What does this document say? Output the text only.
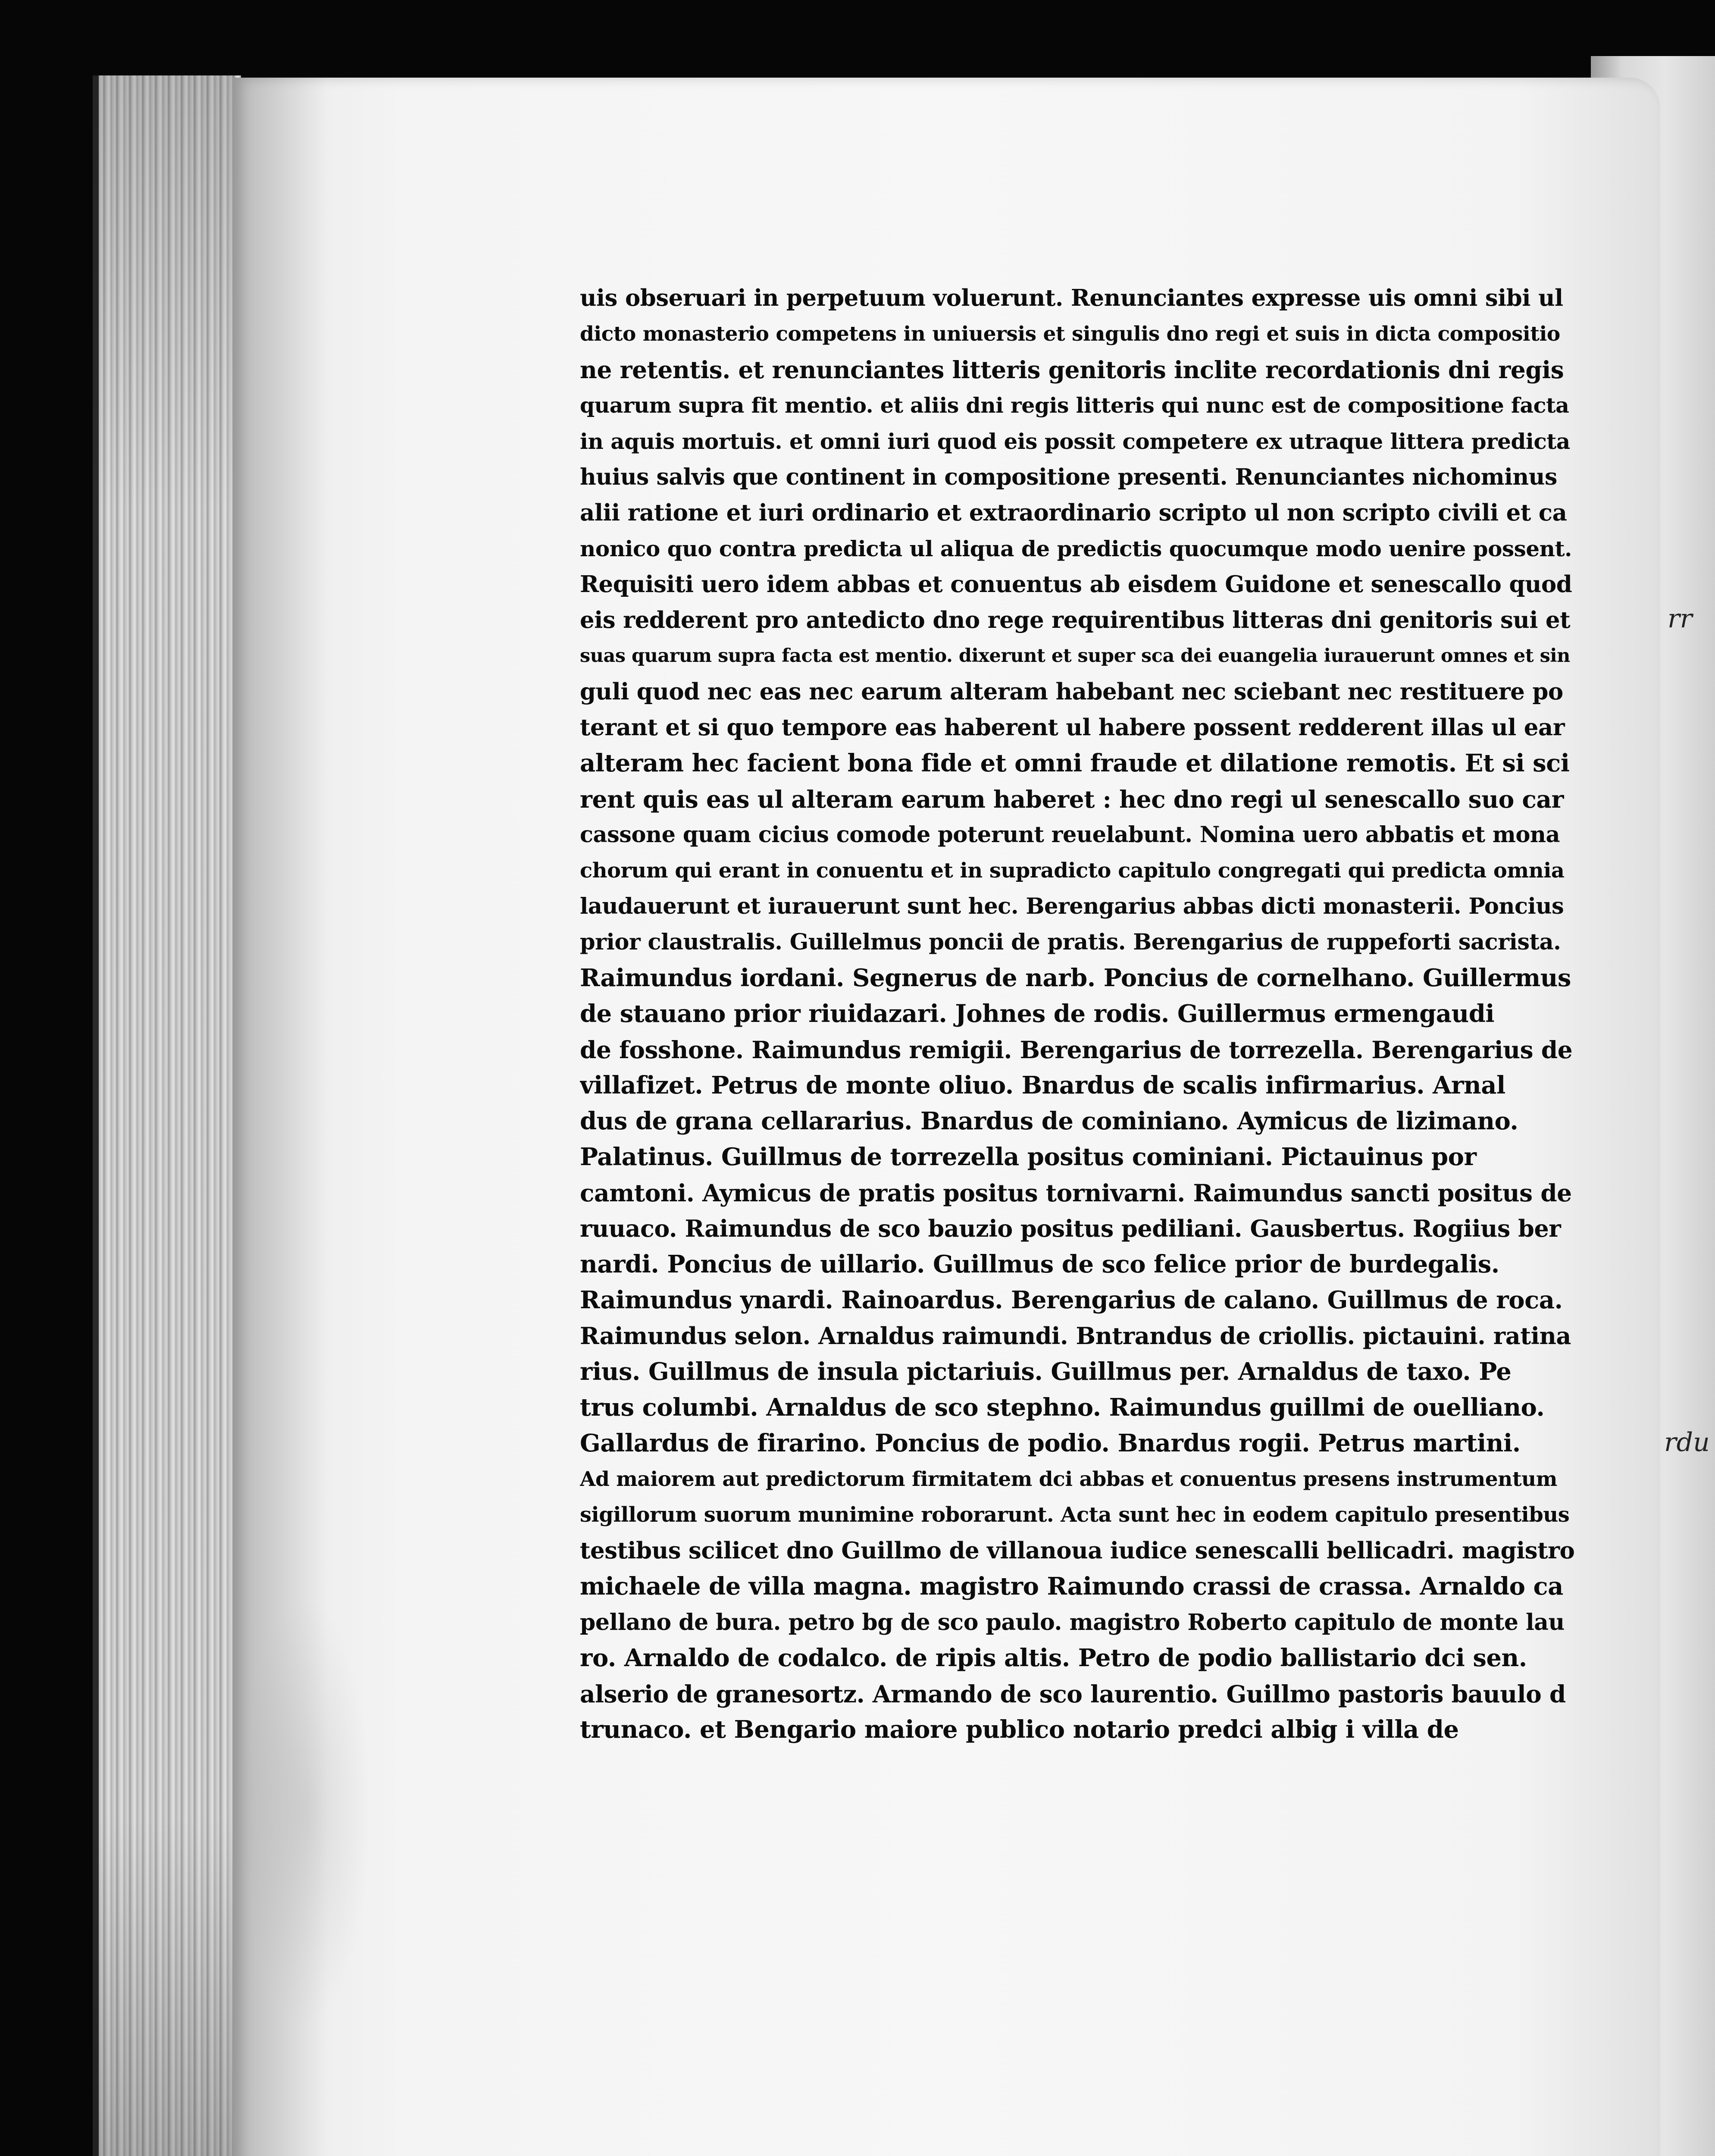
rr
rdu
uis obseruari in perpetuum voluerunt. Renunciantes expresse uis omni sibi ul
dicto monasterio competens in uniuersis et singulis dno regi et suis in dicta compositio
ne retentis. et renunciantes litteris genitoris inclite recordationis dni regis
quarum supra fit mentio. et aliis dni regis litteris qui nunc est de compositione facta
in aquis mortuis. et omni iuri quod eis possit competere ex utraque littera predicta
huius salvis que continent in compositione presenti. Renunciantes nichominus
alii ratione et iuri ordinario et extraordinario scripto ul non scripto civili et ca
nonico quo contra predicta ul aliqua de predictis quocumque modo uenire possent.
Requisiti uero idem abbas et conuentus ab eisdem Guidone et senescallo quod
eis redderent pro antedicto dno rege requirentibus litteras dni genitoris sui et
suas quarum supra facta est mentio. dixerunt et super sca dei euangelia iurauerunt omnes et sin
guli quod nec eas nec earum alteram habebant nec sciebant nec restituere po
terant et si quo tempore eas haberent ul habere possent redderent illas ul ear
alteram hec facient bona fide et omni fraude et dilatione remotis. Et si sci
rent quis eas ul alteram earum haberet : hec dno regi ul senescallo suo car
cassone quam cicius comode poterunt reuelabunt. Nomina uero abbatis et mona
chorum qui erant in conuentu et in supradicto capitulo congregati qui predicta omnia
laudauerunt et iurauerunt sunt hec. Berengarius abbas dicti monasterii. Poncius
prior claustralis. Guillelmus poncii de pratis. Berengarius de ruppeforti sacrista.
Raimundus iordani. Segnerus de narb. Poncius de cornelhano. Guillermus
de stauano prior riuidazari. Johnes de rodis. Guillermus ermengaudi
de fosshone. Raimundus remigii. Berengarius de torrezella. Berengarius de
villafizet. Petrus de monte oliuo. Bnardus de scalis infirmarius. Arnal
dus de grana cellararius. Bnardus de cominiano. Aymicus de lizimano.
Palatinus. Guillmus de torrezella positus cominiani. Pictauinus por
camtoni. Aymicus de pratis positus tornivarni. Raimundus sancti positus de
ruuaco. Raimundus de sco bauzio positus pediliani. Gausbertus. Rogiius ber
nardi. Poncius de uillario. Guillmus de sco felice prior de burdegalis.
Raimundus ynardi. Rainoardus. Berengarius de calano. Guillmus de roca.
Raimundus selon. Arnaldus raimundi. Bntrandus de criollis. pictauini. ratina
rius. Guillmus de insula pictariuis. Guillmus per. Arnaldus de taxo. Pe
trus columbi. Arnaldus de sco stephno. Raimundus guillmi de ouelliano.
Gallardus de firarino. Poncius de podio. Bnardus rogii. Petrus martini.
Ad maiorem aut predictorum firmitatem dci abbas et conuentus presens instrumentum
sigillorum suorum munimine roborarunt. Acta sunt hec in eodem capitulo presentibus
testibus scilicet dno Guillmo de villanoua iudice senescalli bellicadri. magistro
michaele de villa magna. magistro Raimundo crassi de crassa. Arnaldo ca
pellano de bura. petro bg de sco paulo. magistro Roberto capitulo de monte lau
ro. Arnaldo de codalco. de ripis altis. Petro de podio ballistario dci sen.
alserio de granesortz. Armando de sco laurentio. Guillmo pastoris bauulo d
trunaco. et Bengario maiore publico notario predci albig i villa de
